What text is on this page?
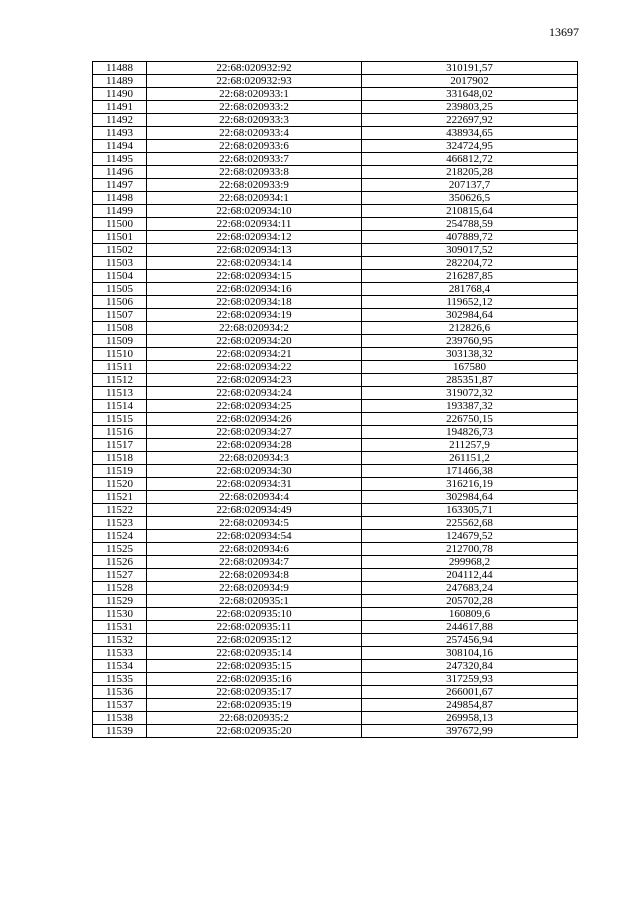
13697
11488	22:68:020932:92	310191,57
11489	22:68:020932:93	2017902
11490	22:68:020933:1	331648,02
11491	22:68:020933:2	239803,25
11492	22:68:020933:3	222697,92
11493	22:68:020933:4	438934,65
11494	22:68:020933:6	324724,95
11495	22:68:020933:7	466812,72
11496	22:68:020933:8	218205,28
11497	22:68:020933:9	207137,7
11498	22:68:020934:1	350626,5
11499	22:68:020934:10	210815,64
11500	22:68:020934:11	254788,59
11501	22:68:020934:12	407889,72
11502	22:68:020934:13	309017,52
11503	22:68:020934:14	282204,72
11504	22:68:020934:15	216287,85
11505	22:68:020934:16	281768,4
11506	22:68:020934:18	119652,12
11507	22:68:020934:19	302984,64
11508	22:68:020934:2	212826,6
11509	22:68:020934:20	239760,95
11510	22:68:020934:21	303138,32
11511	22:68:020934:22	167580
11512	22:68:020934:23	285351,87
11513	22:68:020934:24	319072,32
11514	22:68:020934:25	193387,32
11515	22:68:020934:26	226750,15
11516	22:68:020934:27	194826,73
11517	22:68:020934:28	211257,9
11518	22:68:020934:3	261151,2
11519	22:68:020934:30	171466,38
11520	22:68:020934:31	316216,19
11521	22:68:020934:4	302984,64
11522	22:68:020934:49	163305,71
11523	22:68:020934:5	225562,68
11524	22:68:020934:54	124679,52
11525	22:68:020934:6	212700,78
11526	22:68:020934:7	299968,2
11527	22:68:020934:8	204112,44
11528	22:68:020934:9	247683,24
11529	22:68:020935:1	205702,28
11530	22:68:020935:10	160809,6
11531	22:68:020935:11	244617,88
11532	22:68:020935:12	257456,94
11533	22:68:020935:14	308104,16
11534	22:68:020935:15	247320,84
11535	22:68:020935:16	317259,93
11536	22:68:020935:17	266001,67
11537	22:68:020935:19	249854,87
11538	22:68:020935:2	269958,13
11539	22:68:020935:20	397672,99
